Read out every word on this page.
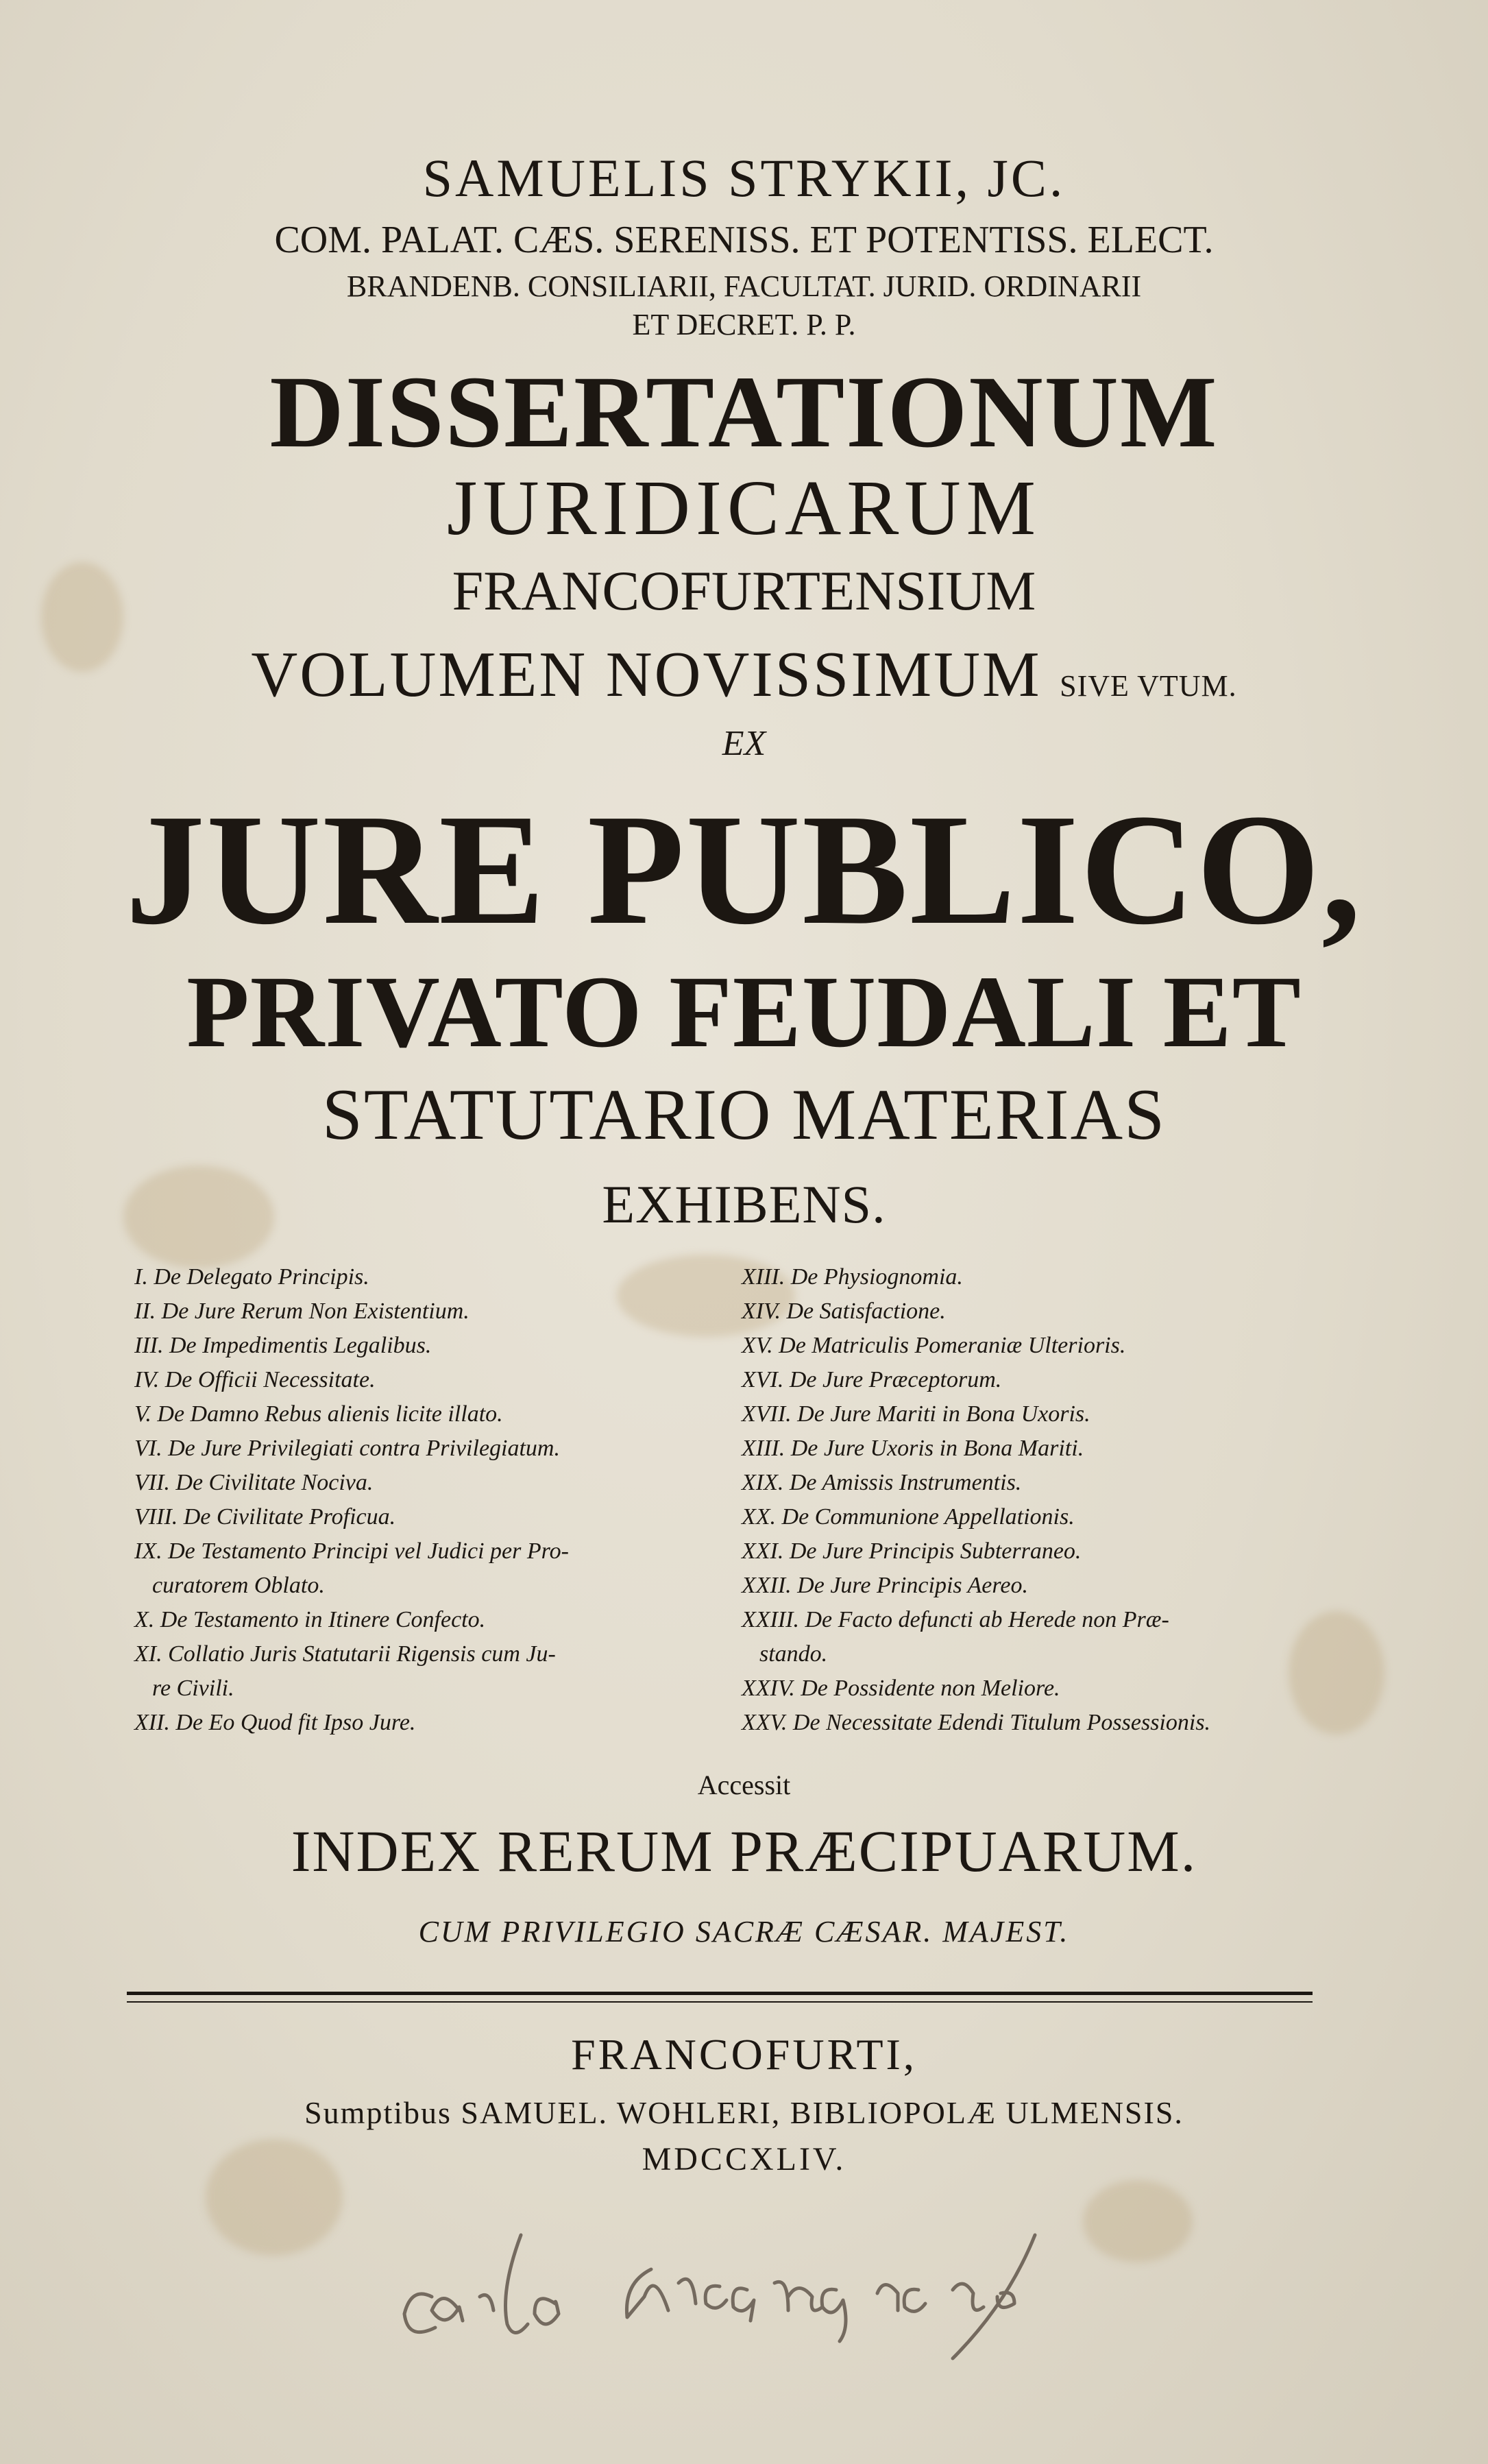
SAMUELIS STRYKII, JC.
COM. PALAT. CÆS. SERENISS. ET POTENTISS. ELECT.
BRANDENB. CONSILIARII, FACULTAT. JURID. ORDINARII
ET DECRET. P. P.
DISSERTATIONUM
JURIDICARUM
FRANCOFURTENSIUM
VOLUMEN NOVISSIMUM SIVE VTUM.
EX
JURE PUBLICO,
PRIVATO FEUDALI ET
STATUTARIO MATERIAS
EXHIBENS.
I. De Delegato Principis.
II. De Jure Rerum Non Existentium.
III. De Impedimentis Legalibus.
IV. De Officii Necessitate.
V. De Damno Rebus alienis licite illato.
VI. De Jure Privilegiati contra Privilegiatum.
VII. De Civilitate Nociva.
VIII. De Civilitate Proficua.
IX. De Testamento Principi vel Judici per Pro-
curatorem Oblato.
X. De Testamento in Itinere Confecto.
XI. Collatio Juris Statutarii Rigensis cum Ju-
re Civili.
XII. De Eo Quod fit Ipso Jure.
XIII. De Physiognomia.
XIV. De Satisfactione.
XV. De Matriculis Pomeraniæ Ulterioris.
XVI. De Jure Præceptorum.
XVII. De Jure Mariti in Bona Uxoris.
XIII. De Jure Uxoris in Bona Mariti.
XIX. De Amissis Instrumentis.
XX. De Communione Appellationis.
XXI. De Jure Principis Subterraneo.
XXII. De Jure Principis Aereo.
XXIII. De Facto defuncti ab Herede non Præ-
stando.
XXIV. De Possidente non Meliore.
XXV. De Necessitate Edendi Titulum Possessionis.
Accessit
INDEX RERUM PRÆCIPUARUM.
CUM PRIVILEGIO SACRÆ CÆSAR. MAJEST.
FRANCOFURTI,
Sumptibus SAMUEL. WOHLERI, BIBLIOPOLÆ ULMENSIS.
MDCCXLIV.
